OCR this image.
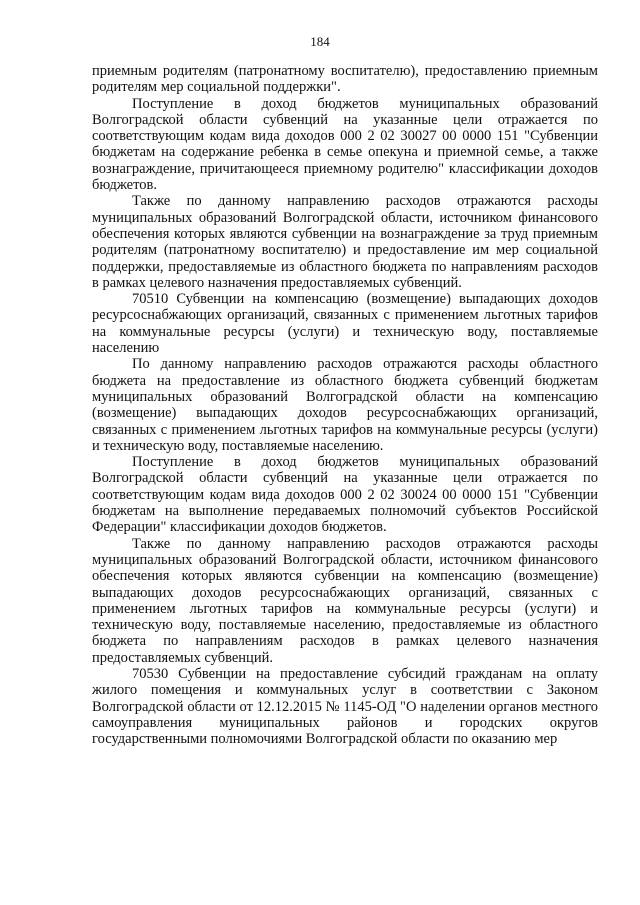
184

приемным родителям (патронатному воспитателю), предоставлению приемным родителям мер социальной поддержки".

Поступление в доход бюджетов муниципальных образований Волгоградской области субвенций на указанные цели отражается по соответствующим кодам вида доходов 000 2 02 30027 00 0000 151 "Субвенции бюджетам на содержание ребенка в семье опекуна и приемной семье, а также вознаграждение, причитающееся приемному родителю" классификации доходов бюджетов.

Также по данному направлению расходов отражаются расходы муниципальных образований Волгоградской области, источником финансового обеспечения которых являются субвенции на вознаграждение за труд приемным родителям (патронатному воспитателю) и предоставление им мер социальной поддержки, предоставляемые из областного бюджета по направлениям расходов в рамках целевого назначения предоставляемых субвенций.

70510 Субвенции на компенсацию (возмещение) выпадающих доходов ресурсоснабжающих организаций, связанных с применением льготных тарифов на коммунальные ресурсы (услуги) и техническую воду, поставляемые населению

По данному направлению расходов отражаются расходы областного бюджета на предоставление из областного бюджета субвенций бюджетам муниципальных образований Волгоградской области на компенсацию (возмещение) выпадающих доходов ресурсоснабжающих организаций, связанных с применением льготных тарифов на коммунальные ресурсы (услуги) и техническую воду, поставляемые населению.

Поступление в доход бюджетов муниципальных образований Волгоградской области субвенций на указанные цели отражается по соответствующим кодам вида доходов 000 2 02 30024 00 0000 151 "Субвенции бюджетам на выполнение передаваемых полномочий субъектов Российской Федерации" классификации доходов бюджетов.

Также по данному направлению расходов отражаются расходы муниципальных образований Волгоградской области, источником финансового обеспечения которых являются субвенции на компенсацию (возмещение) выпадающих доходов ресурсоснабжающих организаций, связанных с применением льготных тарифов на коммунальные ресурсы (услуги) и техническую воду, поставляемые населению, предоставляемые из областного бюджета по направлениям расходов в рамках целевого назначения предоставляемых субвенций.

70530 Субвенции на предоставление субсидий гражданам на оплату жилого помещения и коммунальных услуг в соответствии с Законом Волгоградской области от 12.12.2015 № 1145-ОД "О наделении органов местного самоуправления муниципальных районов и городских округов государственными полномочиями Волгоградской области по оказанию мер
